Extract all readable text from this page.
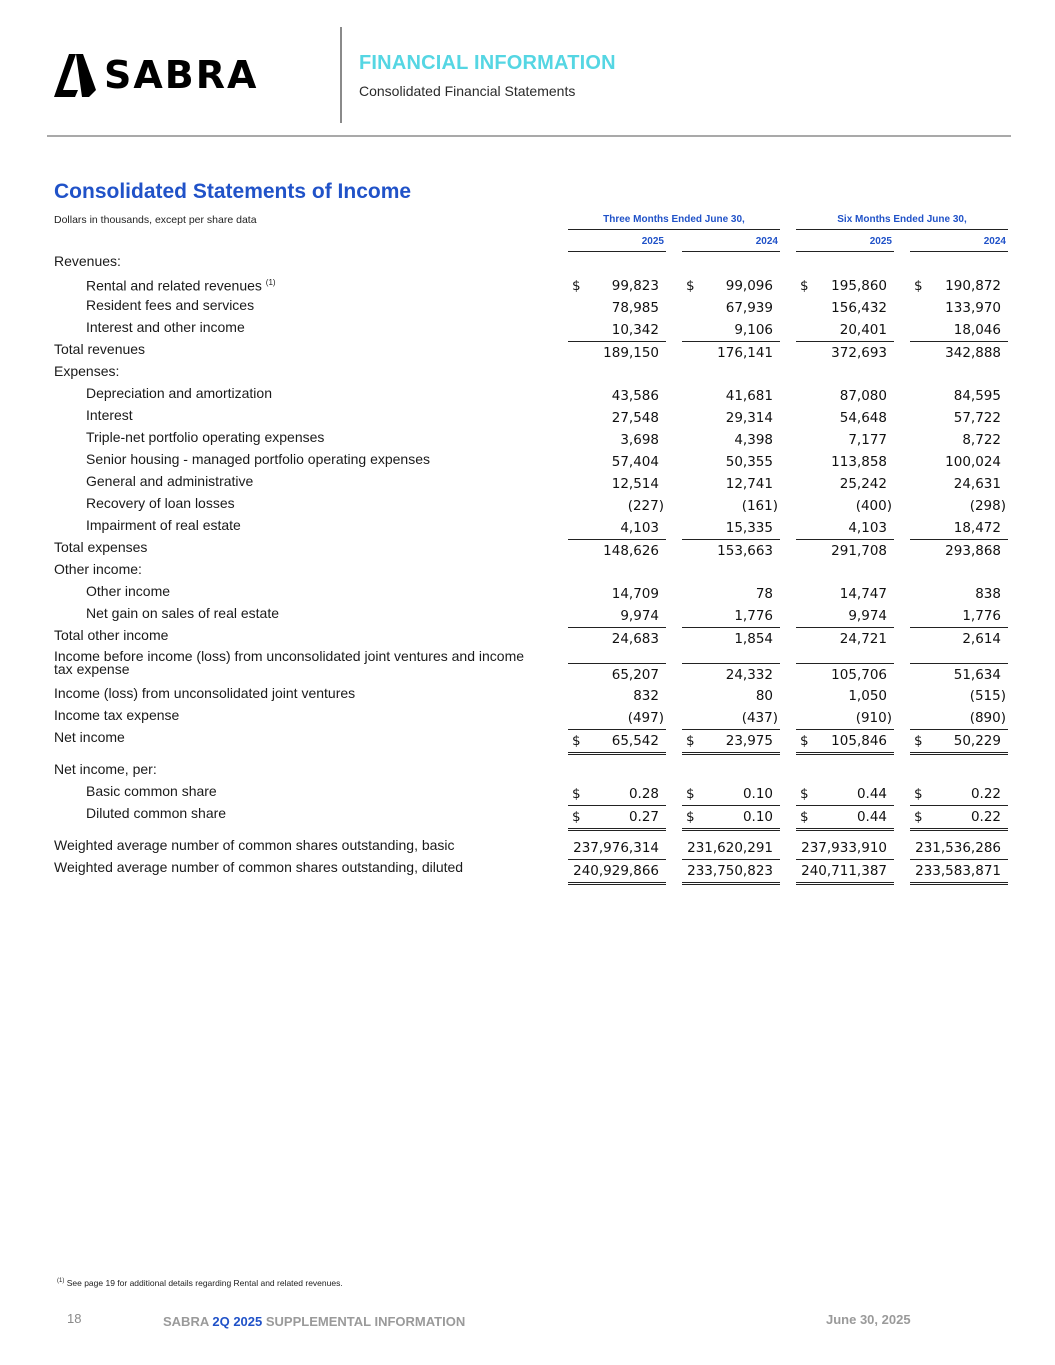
SABRA	FINANCIAL INFORMATION
Consolidated Financial Statements
Consolidated Statements of Income
Dollars in thousands, except per share data	Three Months Ended June 30,	Six Months Ended June 30,
2025	2024	2025	2024
Revenues:
Rental and related revenues $^{(1)}$	$ 99,823 $ 99,096 $ 195,860 $ 190,872
Resident fees and services	78,985	67,939	156,432	133,970
Interest and other income	10,342	9,106	20,401	18,046
Total revenues	189,150	176,141	372,693	342,888
Expenses:
Depreciation and amortization	43,586	41,681	87,080	84,595
Interest	27,548	29,314	54,648	57,722
Triple-net portfolio operating expenses	3,698	4,398	7,177	8,722
Senior housing - managed portfolio operating expenses	57,404	50,355	113,858	100,024
General and administrative	12,514	12,741	25,242	24,631
Recovery of loan losses	(227)	(161)	(400)	(298)
Impairment of real estate	4,103	15,335	4,103	18,472
Total expenses	148,626	153,663	291,708	293,868
Other income:
Other income	14,709	78	14,747	838
Net gain on sales of real estate	9,974	1,776	9,974	1,776
Total other income	24,683	1,854	24,721	2,614
Income before income (loss) from unconsolidated joint ventures and income tax expense	65,207	24,332	105,706	51,634
Income (loss) from unconsolidated joint ventures	832	80	1,050	(515)
Income tax expense	(497)	(437)	(910)	(890)
Net income	$ 65,542 $ 23,975 $ 105,846 $ 50,229
Net income, per:
Basic common share	$	0.28 $	0.10 $	0.44 $	0.22
Diluted common share	$	0.27 $	0.10 $	0.44 $	0.22
Weighted average number of common shares outstanding, basic	237,976,314 231,620,291 237,933,910 231,536,286
Weighted average number of common shares outstanding, diluted	240,929,866 233,750,823 240,711,387 233,583,871
$^{(1)}$ See page 19 for additional details regarding Rental and related revenues.
18	SABRA 2Q 2025 SUPPLEMENTAL INFORMATION	June 30, 2025
